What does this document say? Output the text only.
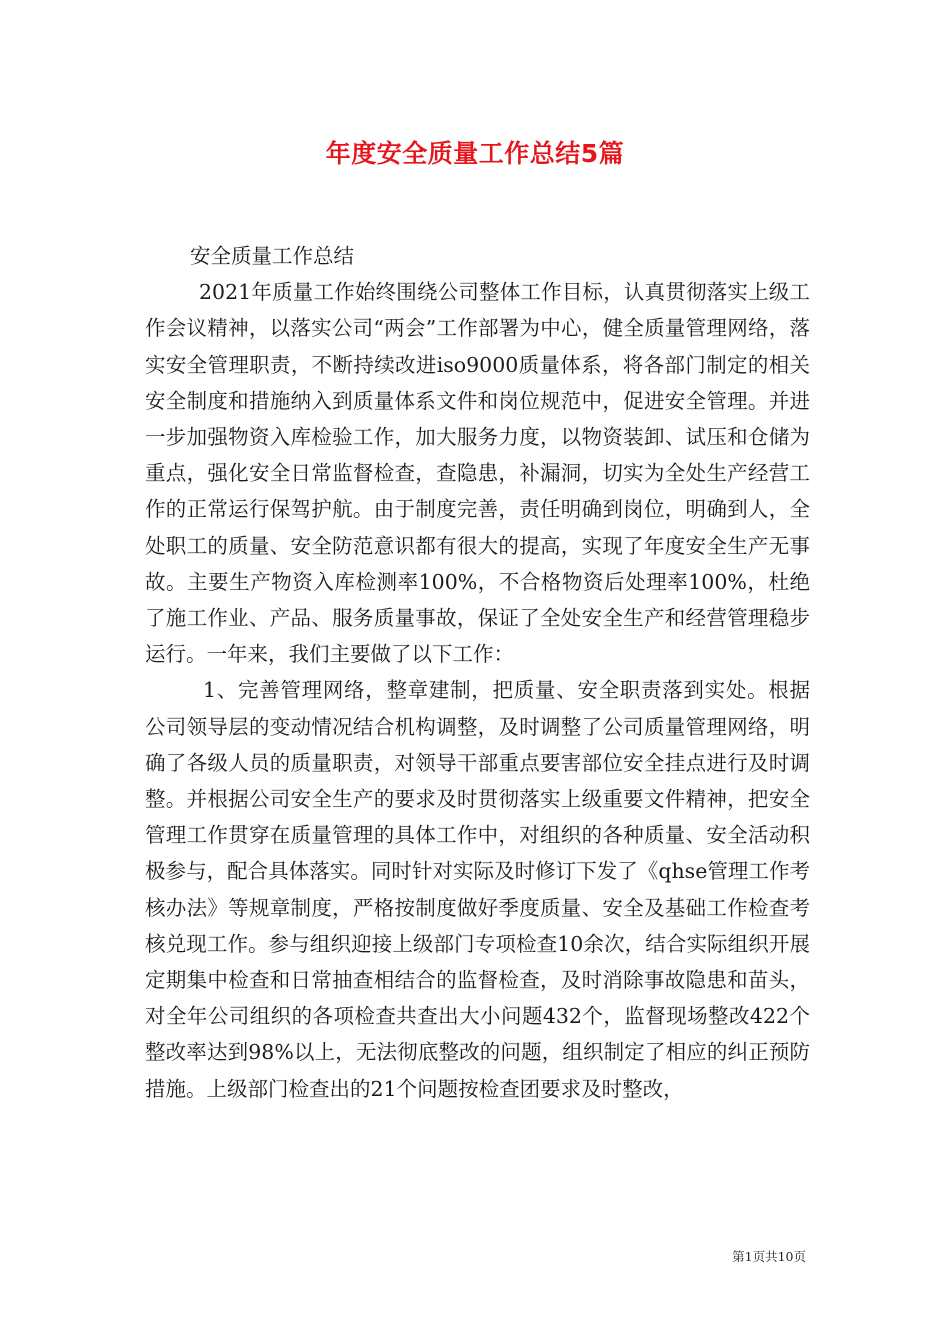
年度安全质量工作总结5篇

安全质量工作总结

2021年质量工作始终围绕公司整体工作目标，认真贯彻落实上级工作会议精神，以落实公司“两会”工作部署为中心，健全质量管理网络，落实安全管理职责，不断持续改进iso9000质量体系，将各部门制定的相关安全制度和措施纳入到质量体系文件和岗位规范中，促进安全管理。并进一步加强物资入库检验工作，加大服务力度，以物资装卸、试压和仓储为重点，强化安全日常监督检查，查隐患，补漏洞，切实为全处生产经营工作的正常运行保驾护航。由于制度完善，责任明确到岗位，明确到人，全处职工的质量、安全防范意识都有很大的提高，实现了年度安全生产无事故。主要生产物资入库检测率100%，不合格物资后处理率100%，杜绝了施工作业、产品、服务质量事故，保证了全处安全生产和经营管理稳步运行。一年来，我们主要做了以下工作：

1、完善管理网络，整章建制，把质量、安全职责落到实处。根据公司领导层的变动情况结合机构调整，及时调整了公司质量管理网络，明确了各级人员的质量职责，对领导干部重点要害部位安全挂点进行及时调整。并根据公司安全生产的要求及时贯彻落实上级重要文件精神，把安全管理工作贯穿在质量管理的具体工作中，对组织的各种质量、安全活动积极参与，配合具体落实。同时针对实际及时修订下发了《qhse管理工作考核办法》等规章制度，严格按制度做好季度质量、安全及基础工作检查考核兑现工作。参与组织迎接上级部门专项检查10余次，结合实际组织开展定期集中检查和日常抽查相结合的监督检查，及时消除事故隐患和苗头，对全年公司组织的各项检查共查出大小问题432个，监督现场整改422个整改率达到98%以上，无法彻底整改的问题，组织制定了相应的纠正预防措施。上级部门检查出的21个问题按检查团要求及时整改，

第1页共10页
